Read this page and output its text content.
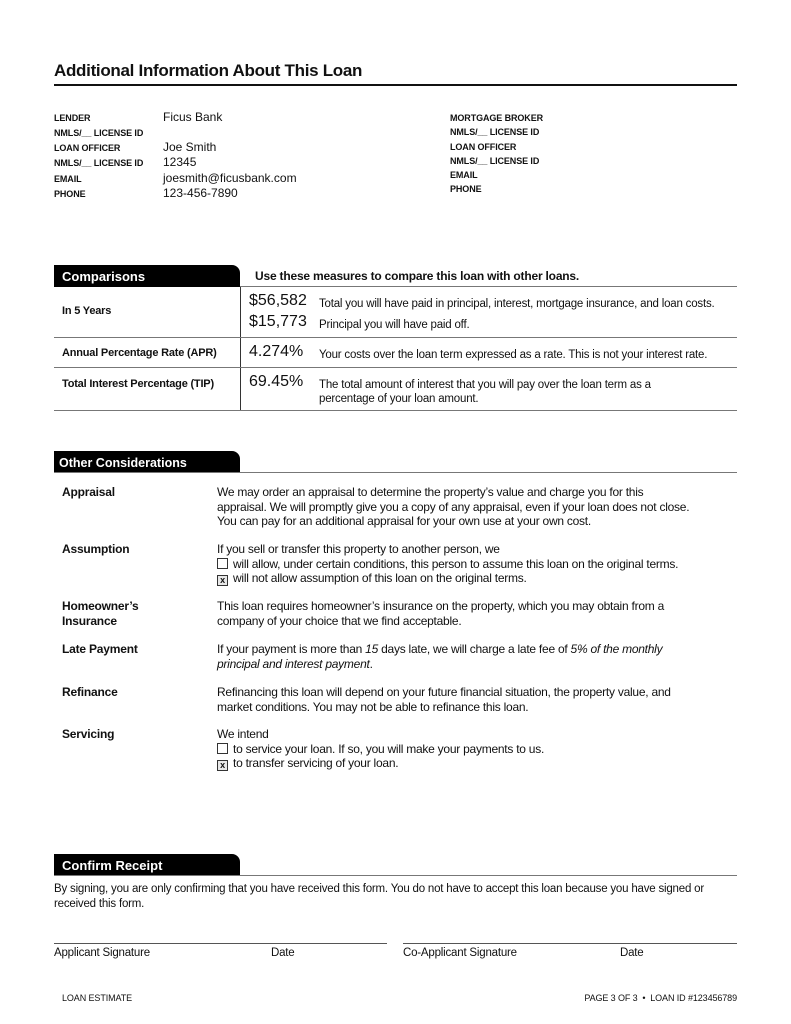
Additional Information About This Loan
LENDER	Ficus Bank
NMLS/__ LICENSE ID
LOAN OFFICER	Joe Smith
NMLS/__ LICENSE ID 12345
EMAIL	joesmith@ficusbank.com
PHONE	123-456-7890
MORTGAGE BROKER
NMLS/__ LICENSE ID
LOAN OFFICER
NMLS/__ LICENSE ID
EMAIL
PHONE
Comparisons	Use these measures to compare this loan with other loans.
In 5 Years
$56,582 Total you will have paid in principal, interest, mortgage insurance, and loan costs.
$15,773 Principal you will have paid off.
Annual Percentage Rate (APR) 4.274% Your costs over the loan term expressed as a rate. This is not your interest rate.
Total Interest Percentage (TIP) 69.45% The total amount of interest that you will pay over the loan term as a
percentage of your loan amount.
Other Considerations
Appraisal	We may order an appraisal to determine the property’s value and charge you for this
appraisal. We will promptly give you a copy of any appraisal, even if your loan does not close.
You can pay for an additional appraisal for your own use at your own cost.
Assumption	If you sell or transfer this property to another person, we
will allow, under certain conditions, this person to assume this loan on the original terms.
x will not allow assumption of this loan on the original terms.
Homeowner’s
Insurance
This loan requires homeowner’s insurance on the property, which you may obtain from a
company of your choice that we find acceptable.
Late Payment	If your payment is more than 15 days late, we will charge a late fee of 5% of the monthly
principal and interest payment.
Refinance	Refinancing this loan will depend on your future financial situation, the property value, and
market conditions. You may not be able to refinance this loan.
Servicing	We intend
to service your loan. If so, you will make your payments to us.
x to transfer servicing of your loan.
Confirm Receipt
By signing, you are only confirming that you have received this form. You do not have to accept this loan because you have signed or
received this form.
Applicant Signature	Date	Co-Applicant Signature	Date
LOAN ESTIMATE	PAGE 3 OF 3  •  LOAN ID #123456789
